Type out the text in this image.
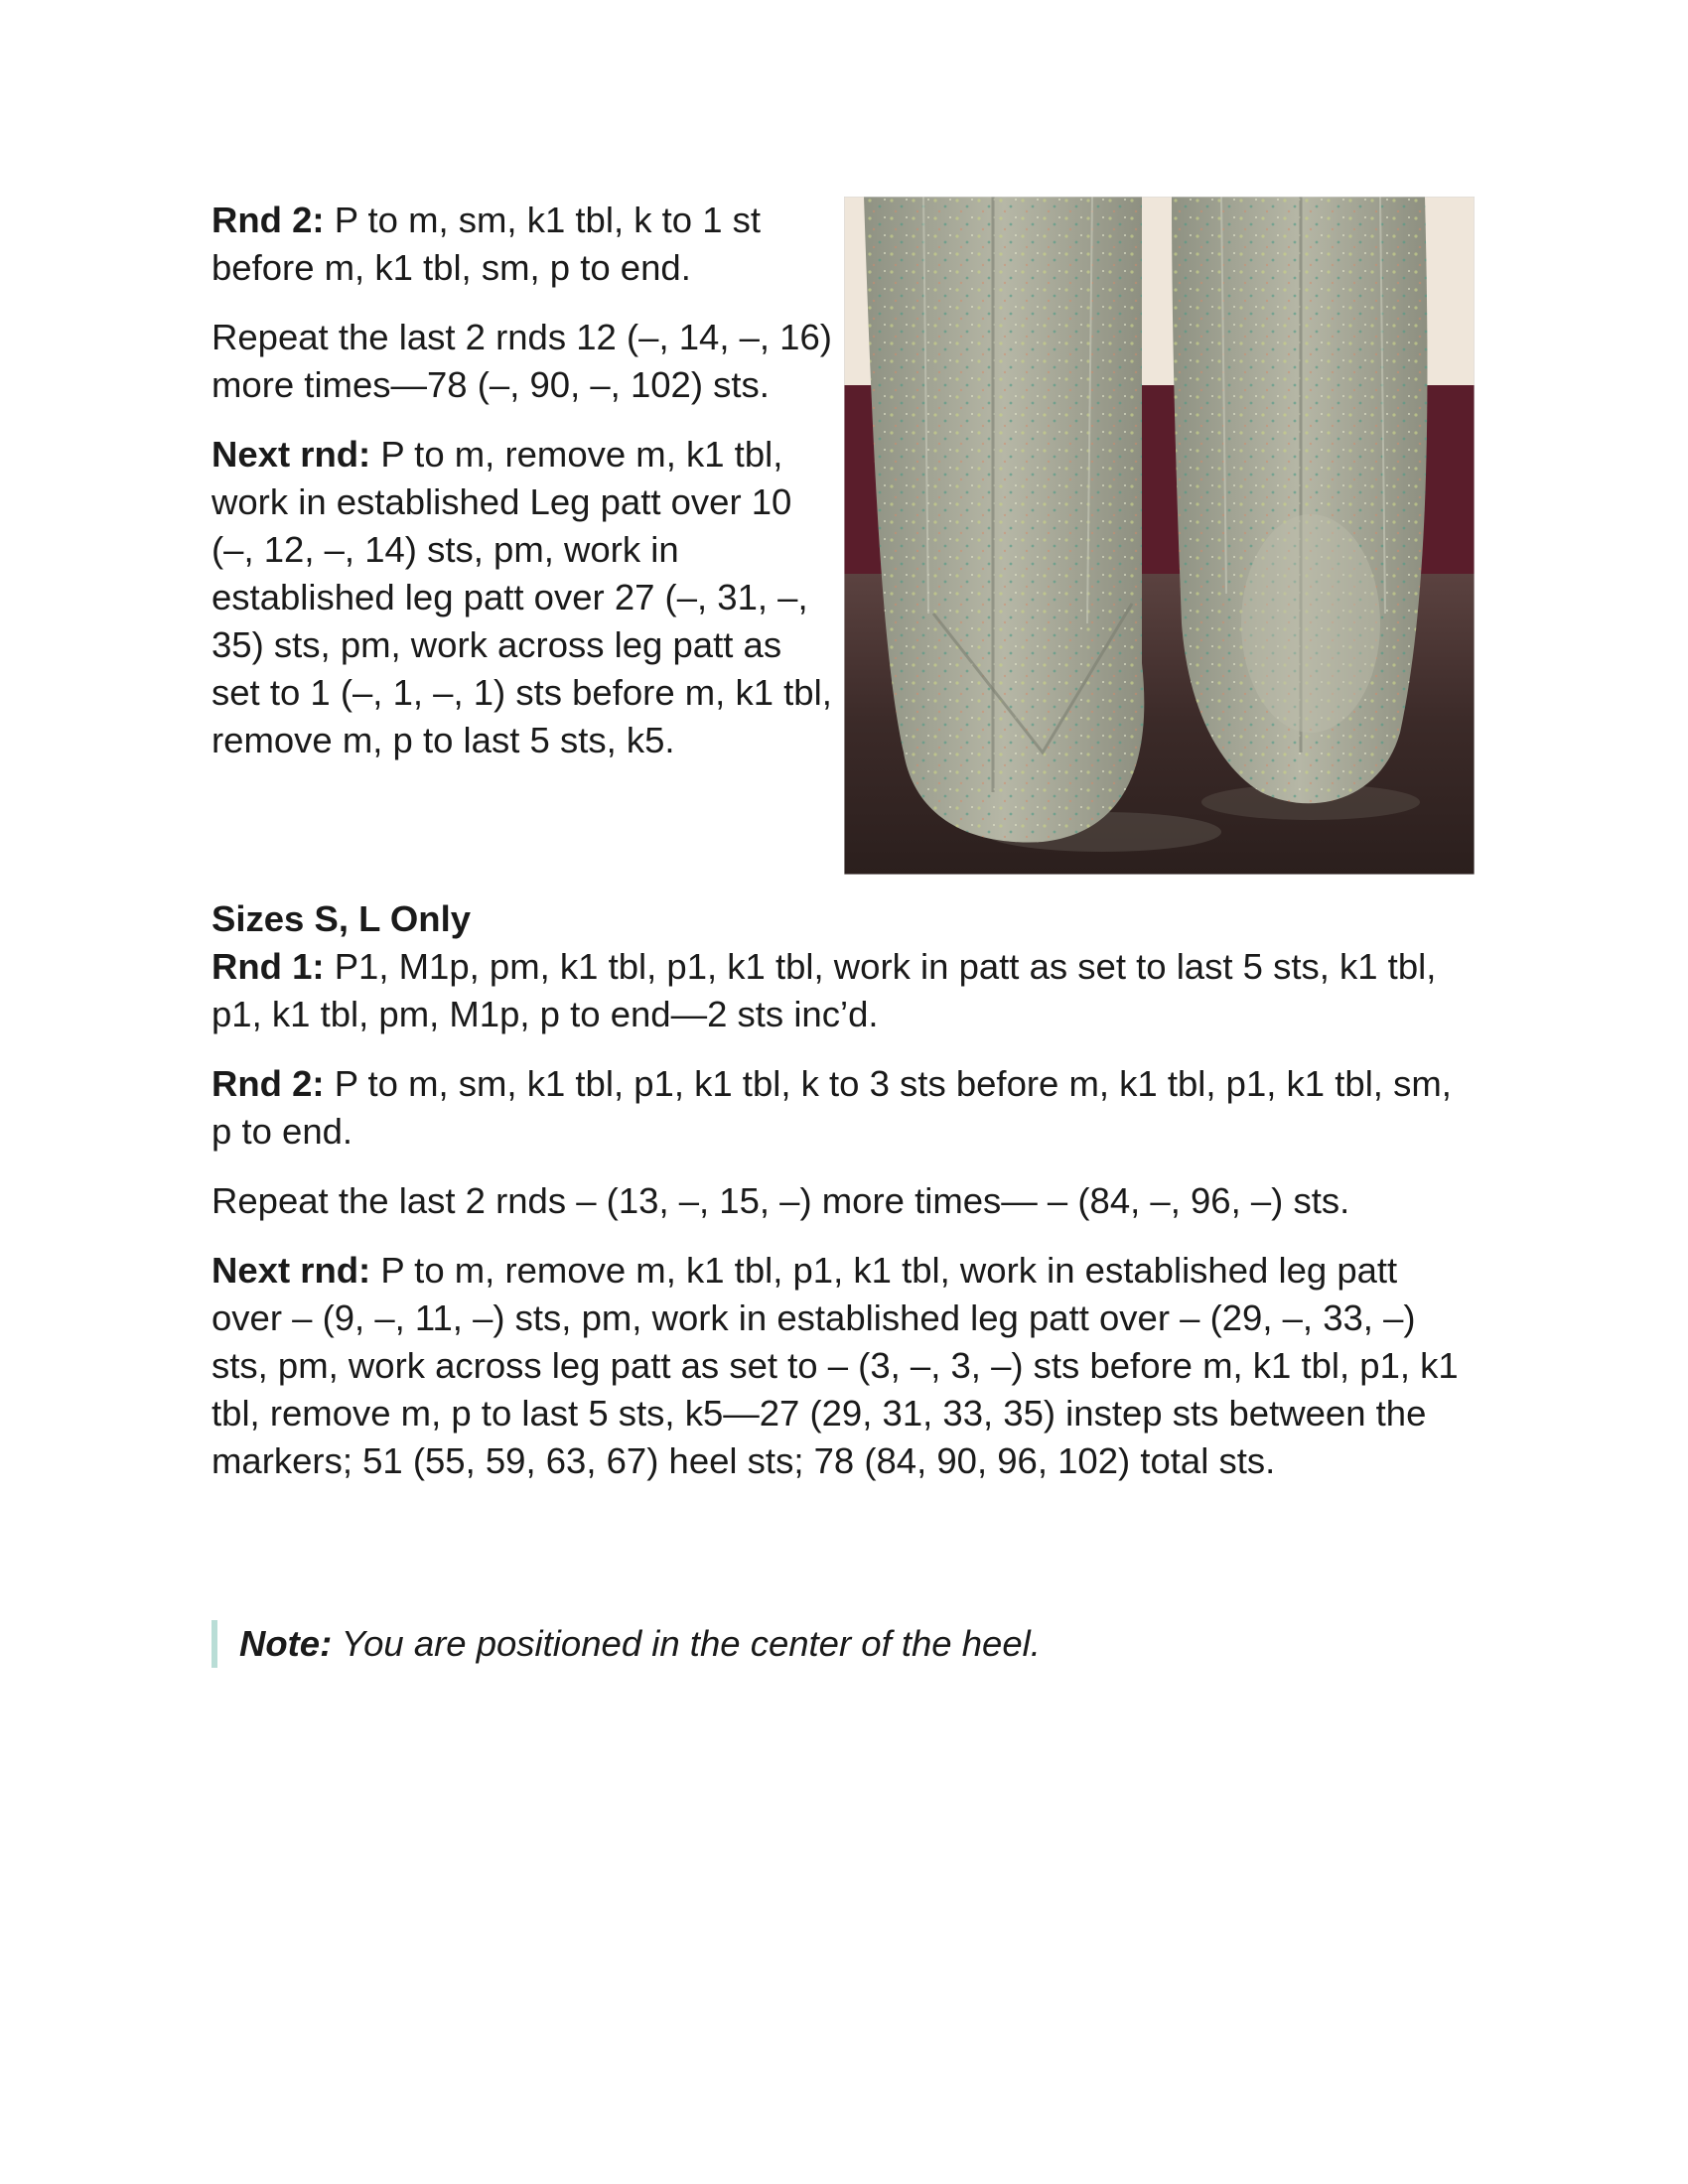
Rnd 2: P to m, sm, k1 tbl, k to 1 st before m, k1 tbl, sm, p to end.

Repeat the last 2 rnds 12 (–, 14, –, 16) more times—78 (–, 90, –, 102) sts.

Next rnd: P to m, remove m, k1 tbl, work in established Leg patt over 10 (–, 12, –, 14) sts, pm, work in established leg patt over 27 (–, 31, –, 35) sts, pm, work across leg patt as set to 1 (–, 1, –, 1) sts before m, k1 tbl, remove m, p to last 5 sts, k5.

Sizes S, L Only

Rnd 1: P1, M1p, pm, k1 tbl, p1, k1 tbl, work in patt as set to last 5 sts, k1 tbl, p1, k1 tbl, pm, M1p, p to end—2 sts inc’d.

Rnd 2: P to m, sm, k1 tbl, p1, k1 tbl, k to 3 sts before m, k1 tbl, p1, k1 tbl, sm, p to end.

Repeat the last 2 rnds – (13, –, 15, –) more times— – (84, –, 96, –) sts.

Next rnd: P to m, remove m, k1 tbl, p1, k1 tbl, work in established leg patt over – (9, –, 11, –) sts, pm, work in established leg patt over – (29, –, 33, –) sts, pm, work across leg patt as set to – (3, –, 3, –) sts before m, k1 tbl, p1, k1 tbl, remove m, p to last 5 sts, k5—27 (29, 31, 33, 35) instep sts between the markers; 51 (55, 59, 63, 67) heel sts; 78 (84, 90, 96, 102) total sts.

Note: You are positioned in the center of the heel.
